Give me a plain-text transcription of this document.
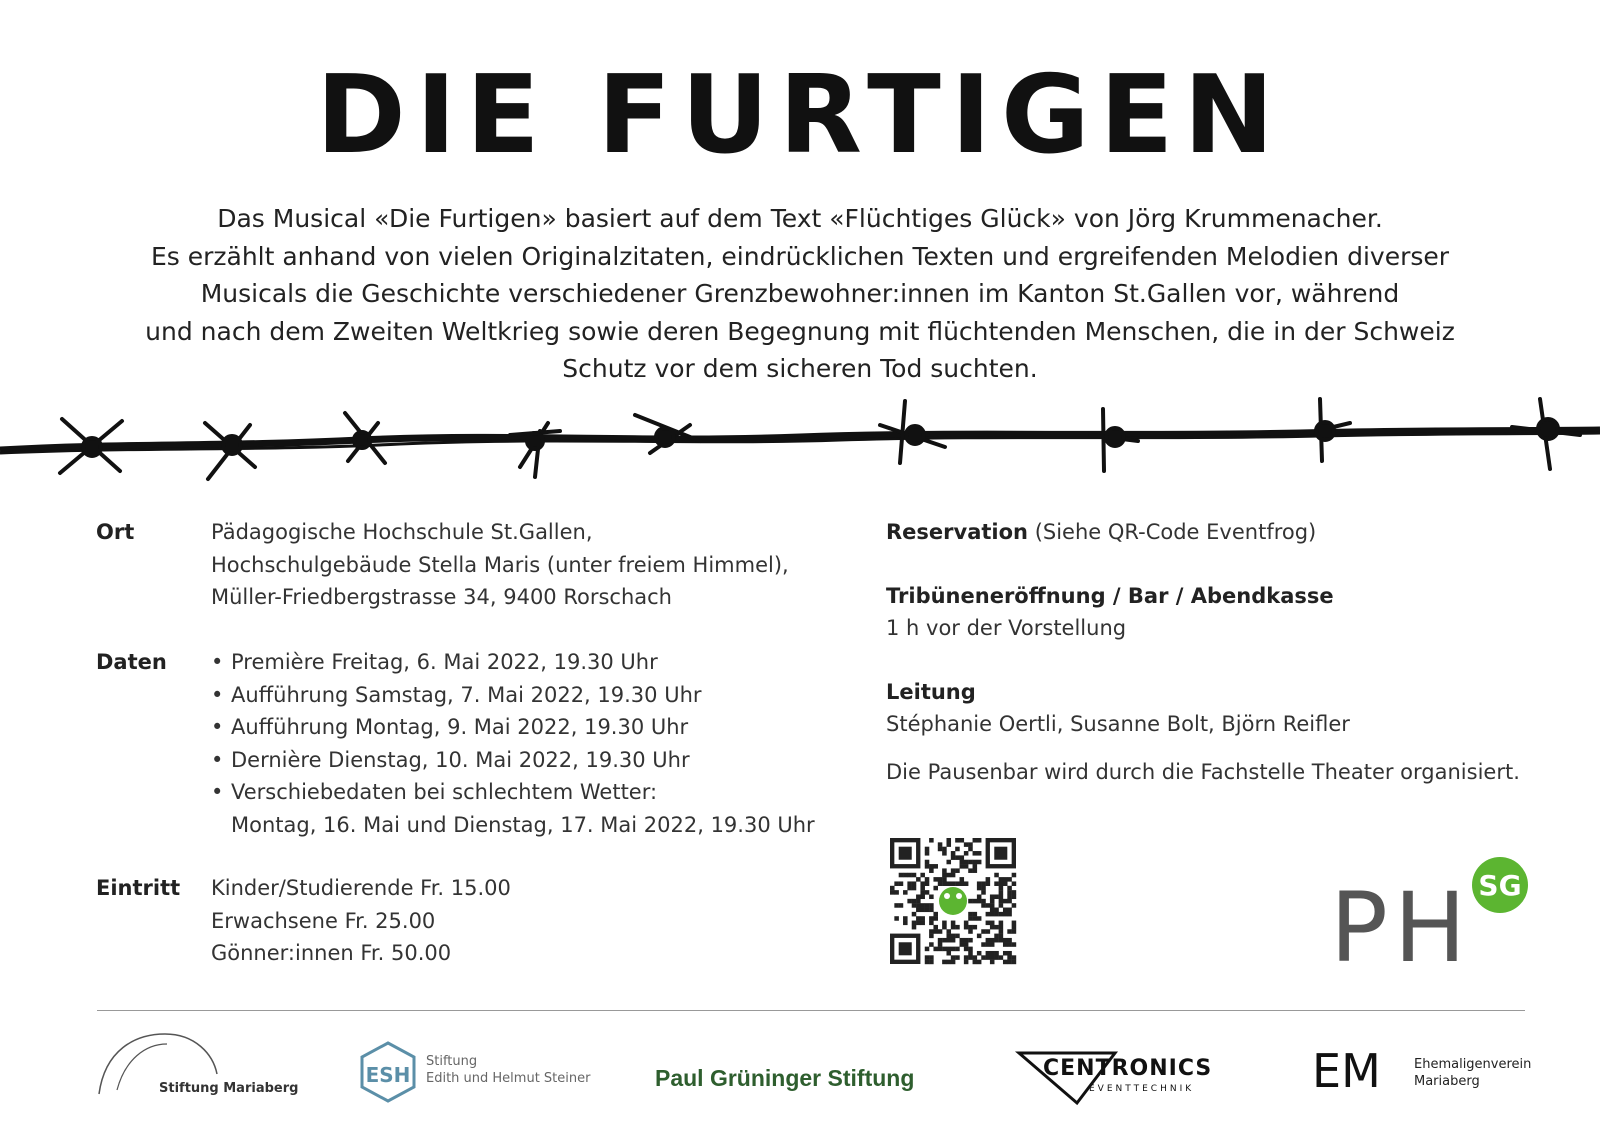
DIE FURTIGEN
Das Musical «Die Furtigen» basiert auf dem Text «Flüchtiges Glück» von Jörg Krummenacher.
Es erzählt anhand von vielen Originalzitaten, eindrücklichen Texten und ergreifenden Melodien diverser
Musicals die Geschichte verschiedener Grenzbewohner:innen im Kanton St.Gallen vor, während
und nach dem Zweiten Weltkrieg sowie deren Begegnung mit flüchtenden Menschen, die in der Schweiz
Schutz vor dem sicheren Tod suchten.
Ort	Pädagogische Hochschule St.Gallen,
Hochschulgebäude Stella Maris (unter freiem Himmel),
Müller-Friedbergstrasse 34, 9400 Rorschach
Daten
•	Première Freitag, 6. Mai 2022, 19.30 Uhr
• Aufführung Samstag, 7. Mai 2022, 19.30 Uhr
• Aufführung Montag, 9. Mai 2022, 19.30 Uhr
• Dernière Dienstag, 10. Mai 2022, 19.30 Uhr
• Verschiebedaten bei schlechtem Wetter:
Montag, 16. Mai und Dienstag, 17. Mai 2022, 19.30 Uhr
Eintritt Kinder/Studierende Fr. 15.00
Erwachsene Fr. 25.00
Gönner:innen Fr. 50.00
Reservation (Siehe QR-Code Eventfrog)
Tribüneneröffnung / Bar / Abendkasse
1 h vor der Vorstellung
Leitung
Stéphanie Oertli, Susanne Bolt, Björn Reifler
Die Pausenbar wird durch die Fachstelle Theater organisiert.
PH SG
Stiftung Mariaberg
ESH
Stiftung
Edith und Helmut Steiner	Paul Grüninger Stiftung	CENTRONICS
EVENTTECHNIK	EM	Ehemaligenverein
Mariaberg
